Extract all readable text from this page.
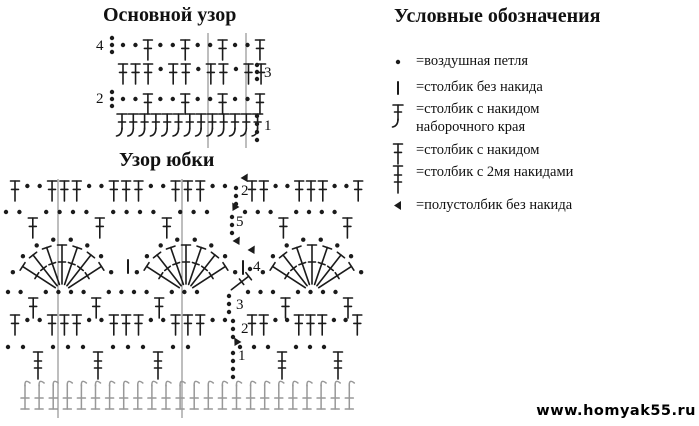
Основной узор
Узор юбки
Условные обозначения
=воздушная петля
=столбик без накида
=столбик с накидом
наборочного края
=столбик с накидом
=столбик с 2мя накидами
=полустолбик без накида
4
3
2
1
2
5
4
3
2
1
www.homyak55.ru
